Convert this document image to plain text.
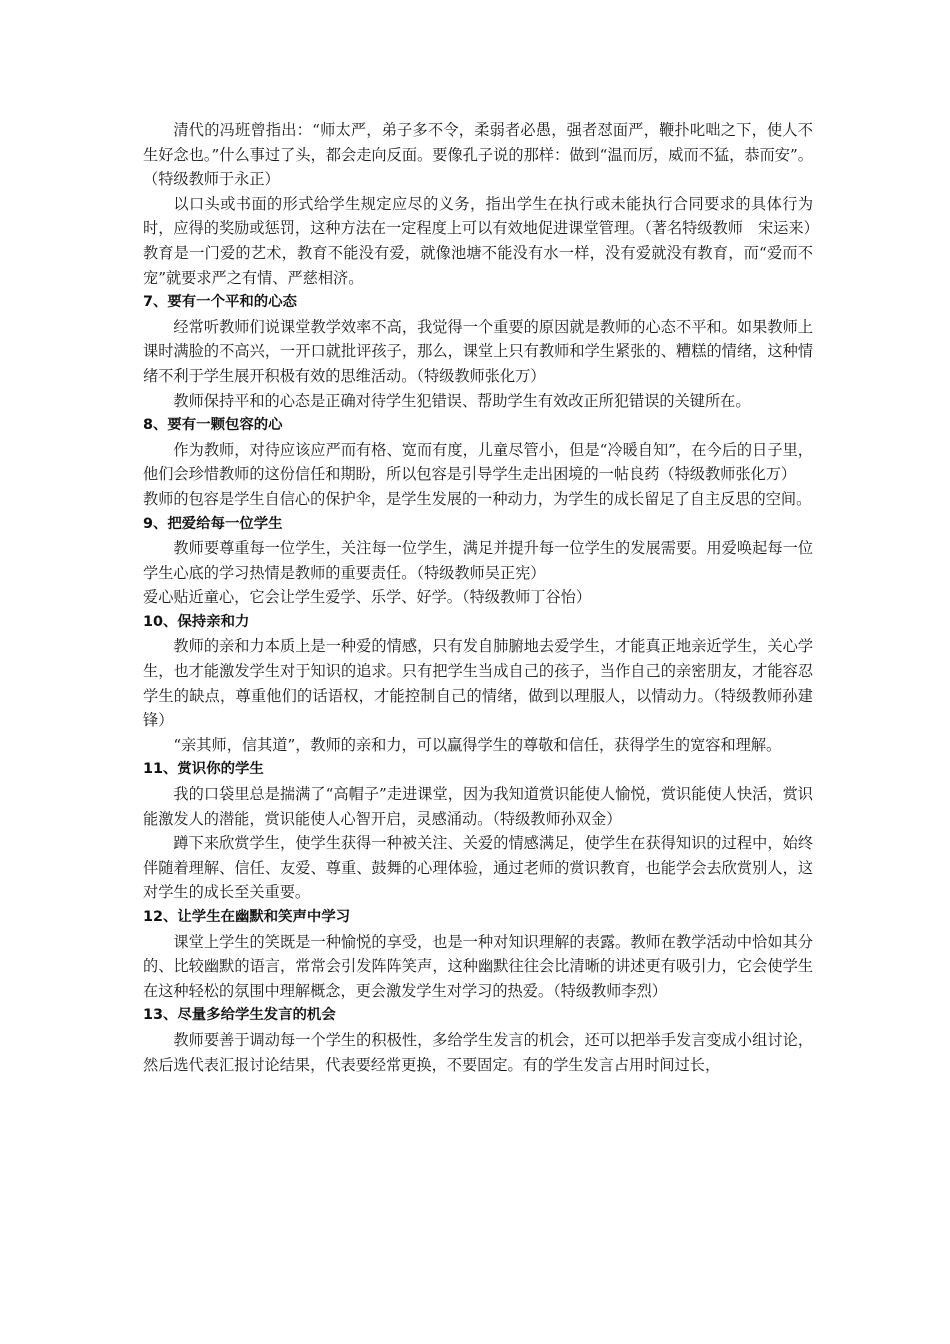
清代的冯班曾指出：“师太严，弟子多不令，柔弱者必愚，强者怼面严，鞭扑叱咄之下，使人不生好念也。”什么事过了头，都会走向反面。要像孔子说的那样：做到“温而厉，威而不猛，恭而安”。（特级教师于永正）

以口头或书面的形式给学生规定应尽的义务，指出学生在执行或未能执行合同要求的具体行为时，应得的奖励或惩罚，这种方法在一定程度上可以有效地促进课堂管理。（著名特级教师　宋运来）

教育是一门爱的艺术，教育不能没有爱，就像池塘不能没有水一样，没有爱就没有教育，而“爱而不宠”就要求严之有情、严慈相济。

7、要有一个平和的心态

经常听教师们说课堂教学效率不高，我觉得一个重要的原因就是教师的心态不平和。如果教师上课时满脸的不高兴，一开口就批评孩子，那么，课堂上只有教师和学生紧张的、糟糕的情绪，这种情绪不利于学生展开积极有效的思维活动。（特级教师张化万）

教师保持平和的心态是正确对待学生犯错误、帮助学生有效改正所犯错误的关键所在。

8、要有一颗包容的心

作为教师，对待应该应严而有格、宽而有度，儿童尽管小，但是“冷暖自知”，在今后的日子里，他们会珍惜教师的这份信任和期盼，所以包容是引导学生走出困境的一帖良药（特级教师张化万）

教师的包容是学生自信心的保护伞，是学生发展的一种动力，为学生的成长留足了自主反思的空间。

9、把爱给每一位学生

教师要尊重每一位学生，关注每一位学生，满足并提升每一位学生的发展需要。用爱唤起每一位学生心底的学习热情是教师的重要责任。（特级教师吴正宪）

爱心贴近童心，它会让学生爱学、乐学、好学。（特级教师丁谷怡）

10、保持亲和力

教师的亲和力本质上是一种爱的情感，只有发自肺腑地去爱学生，才能真正地亲近学生，关心学生，也才能激发学生对于知识的追求。只有把学生当成自己的孩子，当作自己的亲密朋友，才能容忍学生的缺点，尊重他们的话语权，才能控制自己的情绪，做到以理服人，以情动力。（特级教师孙建锋）

“亲其师，信其道”，教师的亲和力，可以赢得学生的尊敬和信任，获得学生的宽容和理解。

11、赏识你的学生

我的口袋里总是揣满了“高帽子”走进课堂，因为我知道赏识能使人愉悦，赏识能使人快活，赏识能激发人的潜能，赏识能使人心智开启，灵感涌动。（特级教师孙双金）

蹲下来欣赏学生，使学生获得一种被关注、关爱的情感满足，使学生在获得知识的过程中，始终伴随着理解、信任、友爱、尊重、鼓舞的心理体验，通过老师的赏识教育，也能学会去欣赏别人，这对学生的成长至关重要。

12、让学生在幽默和笑声中学习

课堂上学生的笑既是一种愉悦的享受，也是一种对知识理解的表露。教师在教学活动中恰如其分的、比较幽默的语言，常常会引发阵阵笑声，这种幽默往往会比清晰的讲述更有吸引力，它会使学生在这种轻松的氛围中理解概念，更会激发学生对学习的热爱。（特级教师李烈）

13、尽量多给学生发言的机会

教师要善于调动每一个学生的积极性，多给学生发言的机会，还可以把举手发言变成小组讨论，然后选代表汇报讨论结果，代表要经常更换，不要固定。有的学生发言占用时间过长，
